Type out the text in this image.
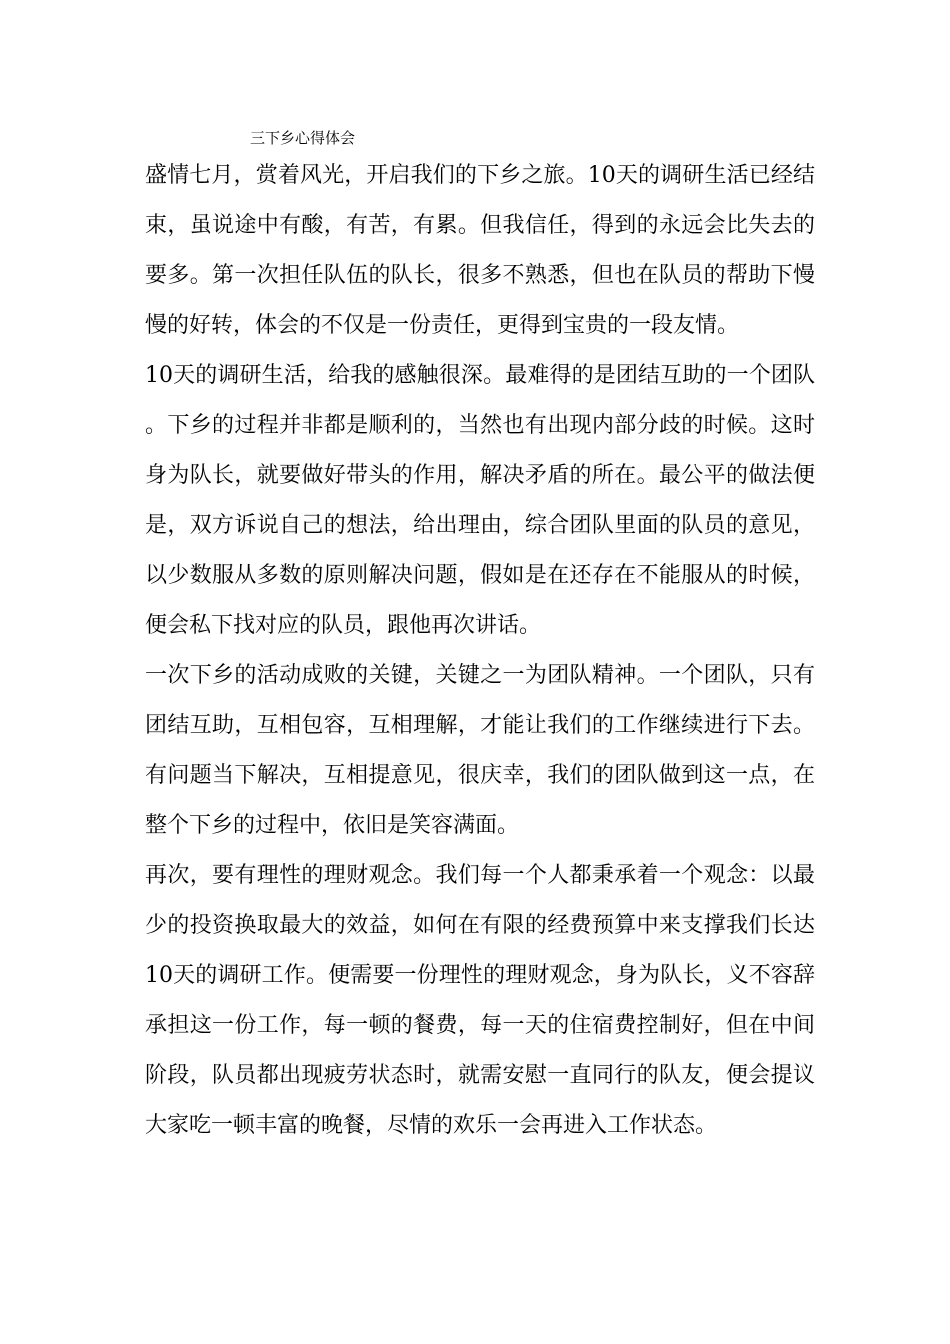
三下乡心得体会

盛情七月，赏着风光，开启我们的下乡之旅。10天的调研生活已经结束，虽说途中有酸，有苦，有累。但我信任，得到的永远会比失去的要多。第一次担任队伍的队长，很多不熟悉，但也在队员的帮助下慢慢的好转，体会的不仅是一份责任，更得到宝贵的一段友情。

10天的调研生活，给我的感触很深。最难得的是团结互助的一个团队。下乡的过程并非都是顺利的，当然也有出现内部分歧的时候。这时身为队长，就要做好带头的作用，解决矛盾的所在。最公平的做法便是，双方诉说自己的想法，给出理由，综合团队里面的队员的意见，以少数服从多数的原则解决问题，假如是在还存在不能服从的时候，便会私下找对应的队员，跟他再次讲话。

一次下乡的活动成败的关键，关键之一为团队精神。一个团队，只有团结互助，互相包容，互相理解，才能让我们的工作继续进行下去。有问题当下解决，互相提意见，很庆幸，我们的团队做到这一点，在整个下乡的过程中，依旧是笑容满面。

再次，要有理性的理财观念。我们每一个人都秉承着一个观念：以最少的投资换取最大的效益，如何在有限的经费预算中来支撑我们长达10天的调研工作。便需要一份理性的理财观念，身为队长，义不容辞承担这一份工作，每一顿的餐费，每一天的住宿费控制好，但在中间阶段，队员都出现疲劳状态时，就需安慰一直同行的队友，便会提议大家吃一顿丰富的晚餐，尽情的欢乐一会再进入工作状态。
